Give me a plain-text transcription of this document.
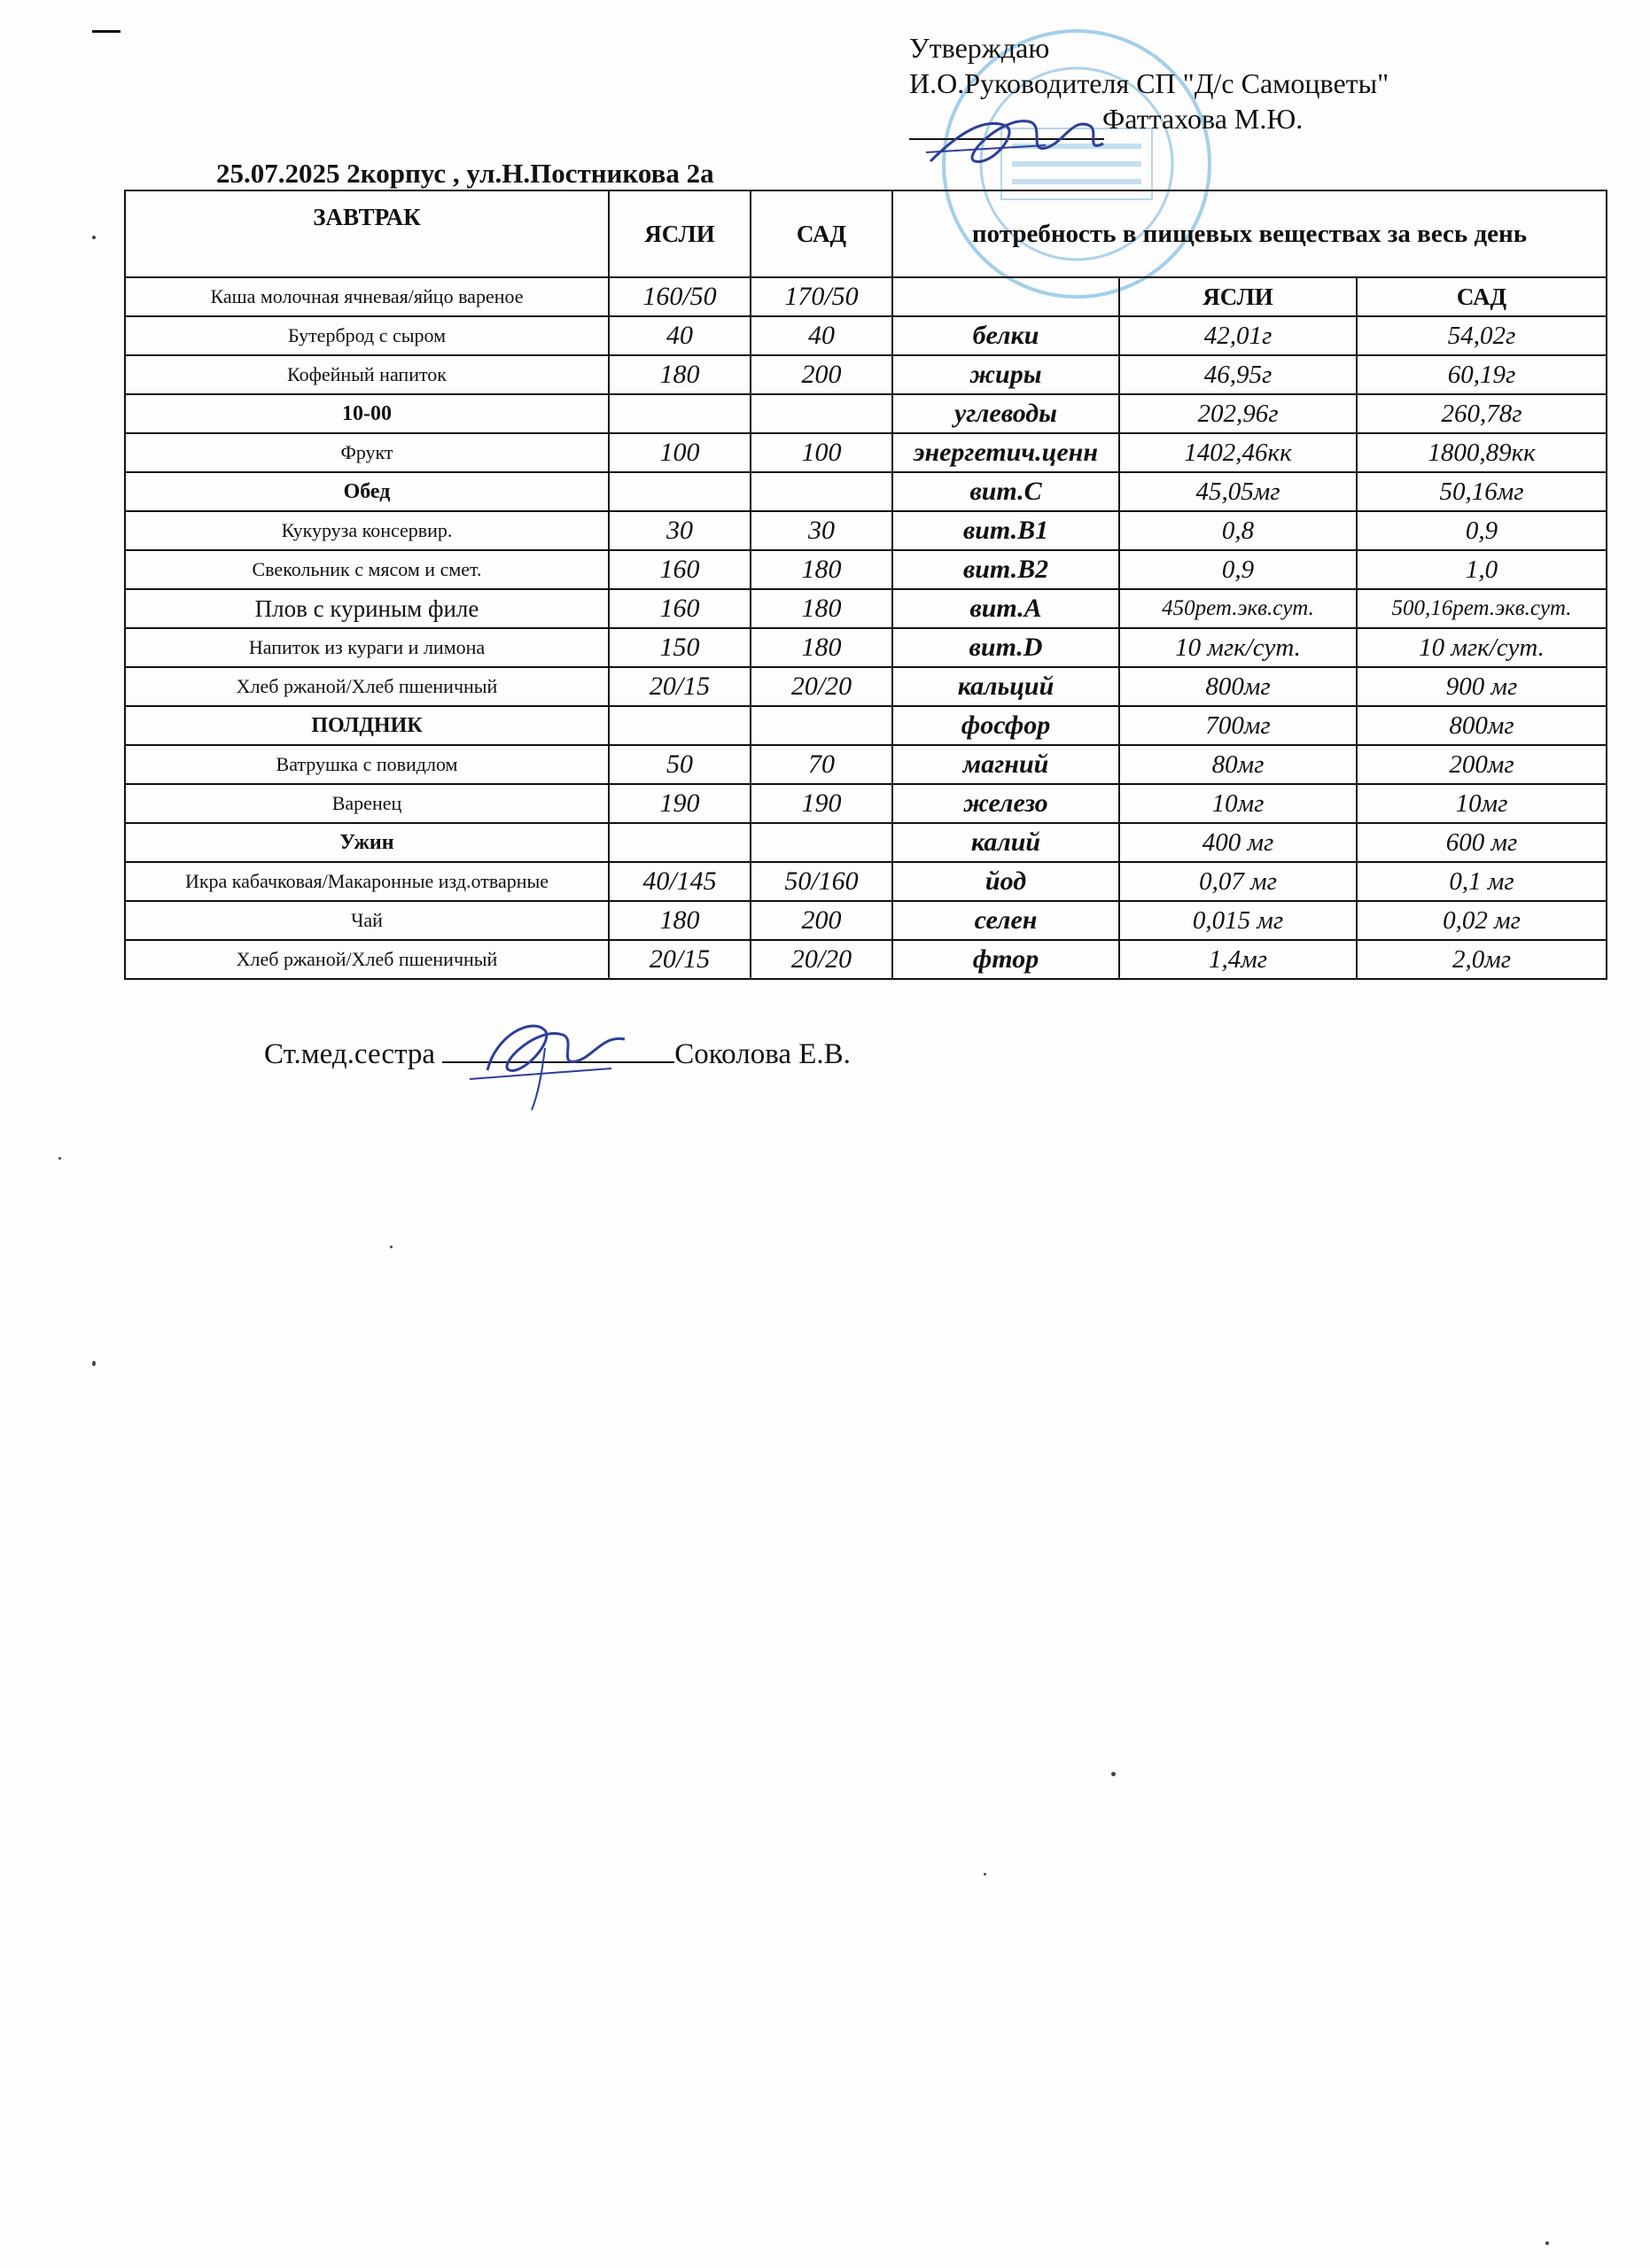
Утверждаю
И.О.Руководителя СП "Д/с Самоцветы"
Фаттахова М.Ю.
25.07.2025 2корпус , ул.Н.Постникова 2а
ЗАВТРАК	ЯСЛИ	САД	потребность в пищевых веществах за весь день		
Каша молочная ячневая/яйцо вареное	160/50	170/50		ЯСЛИ	САД
Бутерброд с сыром	40	40	белки	42,01г	54,02г
Кофейный напиток	180	200	жиры	46,95г	60,19г
10-00			углеводы	202,96г	260,78г
Фрукт	100	100	энергетич.ценн	1402,46кк	1800,89кк
Обед			вит.С	45,05мг	50,16мг
Кукуруза консервир.	30	30	вит.В1	0,8	0,9
Свекольник с мясом и смет.	160	180	вит.В2	0,9	1,0
Плов с куриным филе	160	180	вит.А	450рет.экв.сут.	500,16рет.экв.сут.
Напиток из кураги и лимона	150	180	вит.D	10 мгк/сут.	10 мгк/сут.
Хлеб ржаной/Хлеб пшеничный	20/15	20/20	кальций	800мг	900 мг
ПОЛДНИК			фосфор	700мг	800мг
Ватрушка с повидлом	50	70	магний	80мг	200мг
Варенец	190	190	железо	10мг	10мг
Ужин			калий	400 мг	600 мг
Икра кабачковая/Макаронные изд.отварные	40/145	50/160	йод	0,07 мг	0,1 мг
Чай	180	200	селен	0,015 мг	0,02 мг
Хлеб ржаной/Хлеб пшеничный	20/15	20/20	фтор	1,4мг	2,0мг
Ст.мед.сестра	Соколова Е.В.
